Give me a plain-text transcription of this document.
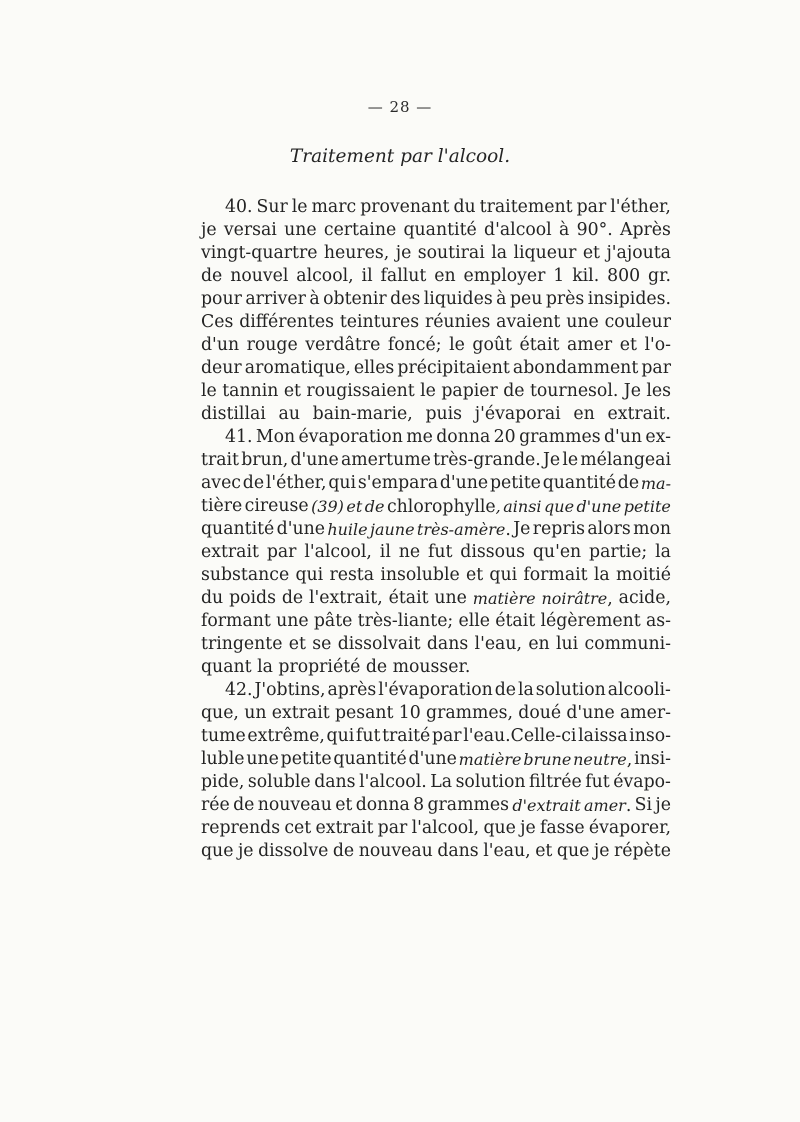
— 28 —
Traitement par l'alcool.
40. Sur le marc provenant du traitement par l'éther,
je versai une certaine quantité d'alcool à 90°. Après
vingt-quartre heures, je soutirai la liqueur et j'ajouta
de nouvel alcool, il fallut en employer 1 kil. 800 gr.
pour arriver à obtenir des liquides à peu près insipides.
Ces différentes teintures réunies avaient une couleur
d'un rouge verdâtre foncé; le goût était amer et l'o-
deur aromatique, elles précipitaient abondamment par
le tannin et rougissaient le papier de tournesol. Je les
distillai au bain-marie, puis j'évaporai en extrait.
41. Mon évaporation me donna 20 grammes d'un ex-
trait brun, d'une amertume très-grande. Je le mélangeai
avec de l'éther, qui s'empara d'une petite quantité de ma-
tière cireuse (39) et de chlorophylle, ainsi que d'une petite
quantité d'une huile jaune très-amère. Je repris alors mon
extrait par l'alcool, il ne fut dissous qu'en partie; la
substance qui resta insoluble et qui formait la moitié
du poids de l'extrait, était une matière noirâtre, acide,
formant une pâte très-liante; elle était légèrement as-
tringente et se dissolvait dans l'eau, en lui communi-
quant la propriété de mousser.
42. J'obtins, après l'évaporation de la solution alcooli-
que, un extrait pesant 10 grammes, doué d'une amer-
tume extrême, qui fut traité par l'eau.Celle-ci laissa inso-
luble une petite quantité d'une matière brune neutre, insi-
pide, soluble dans l'alcool. La solution filtrée fut évapo-
rée de nouveau et donna 8 grammes d'extrait amer. Si je
reprends cet extrait par l'alcool, que je fasse évaporer,
que je dissolve de nouveau dans l'eau, et que je répète
